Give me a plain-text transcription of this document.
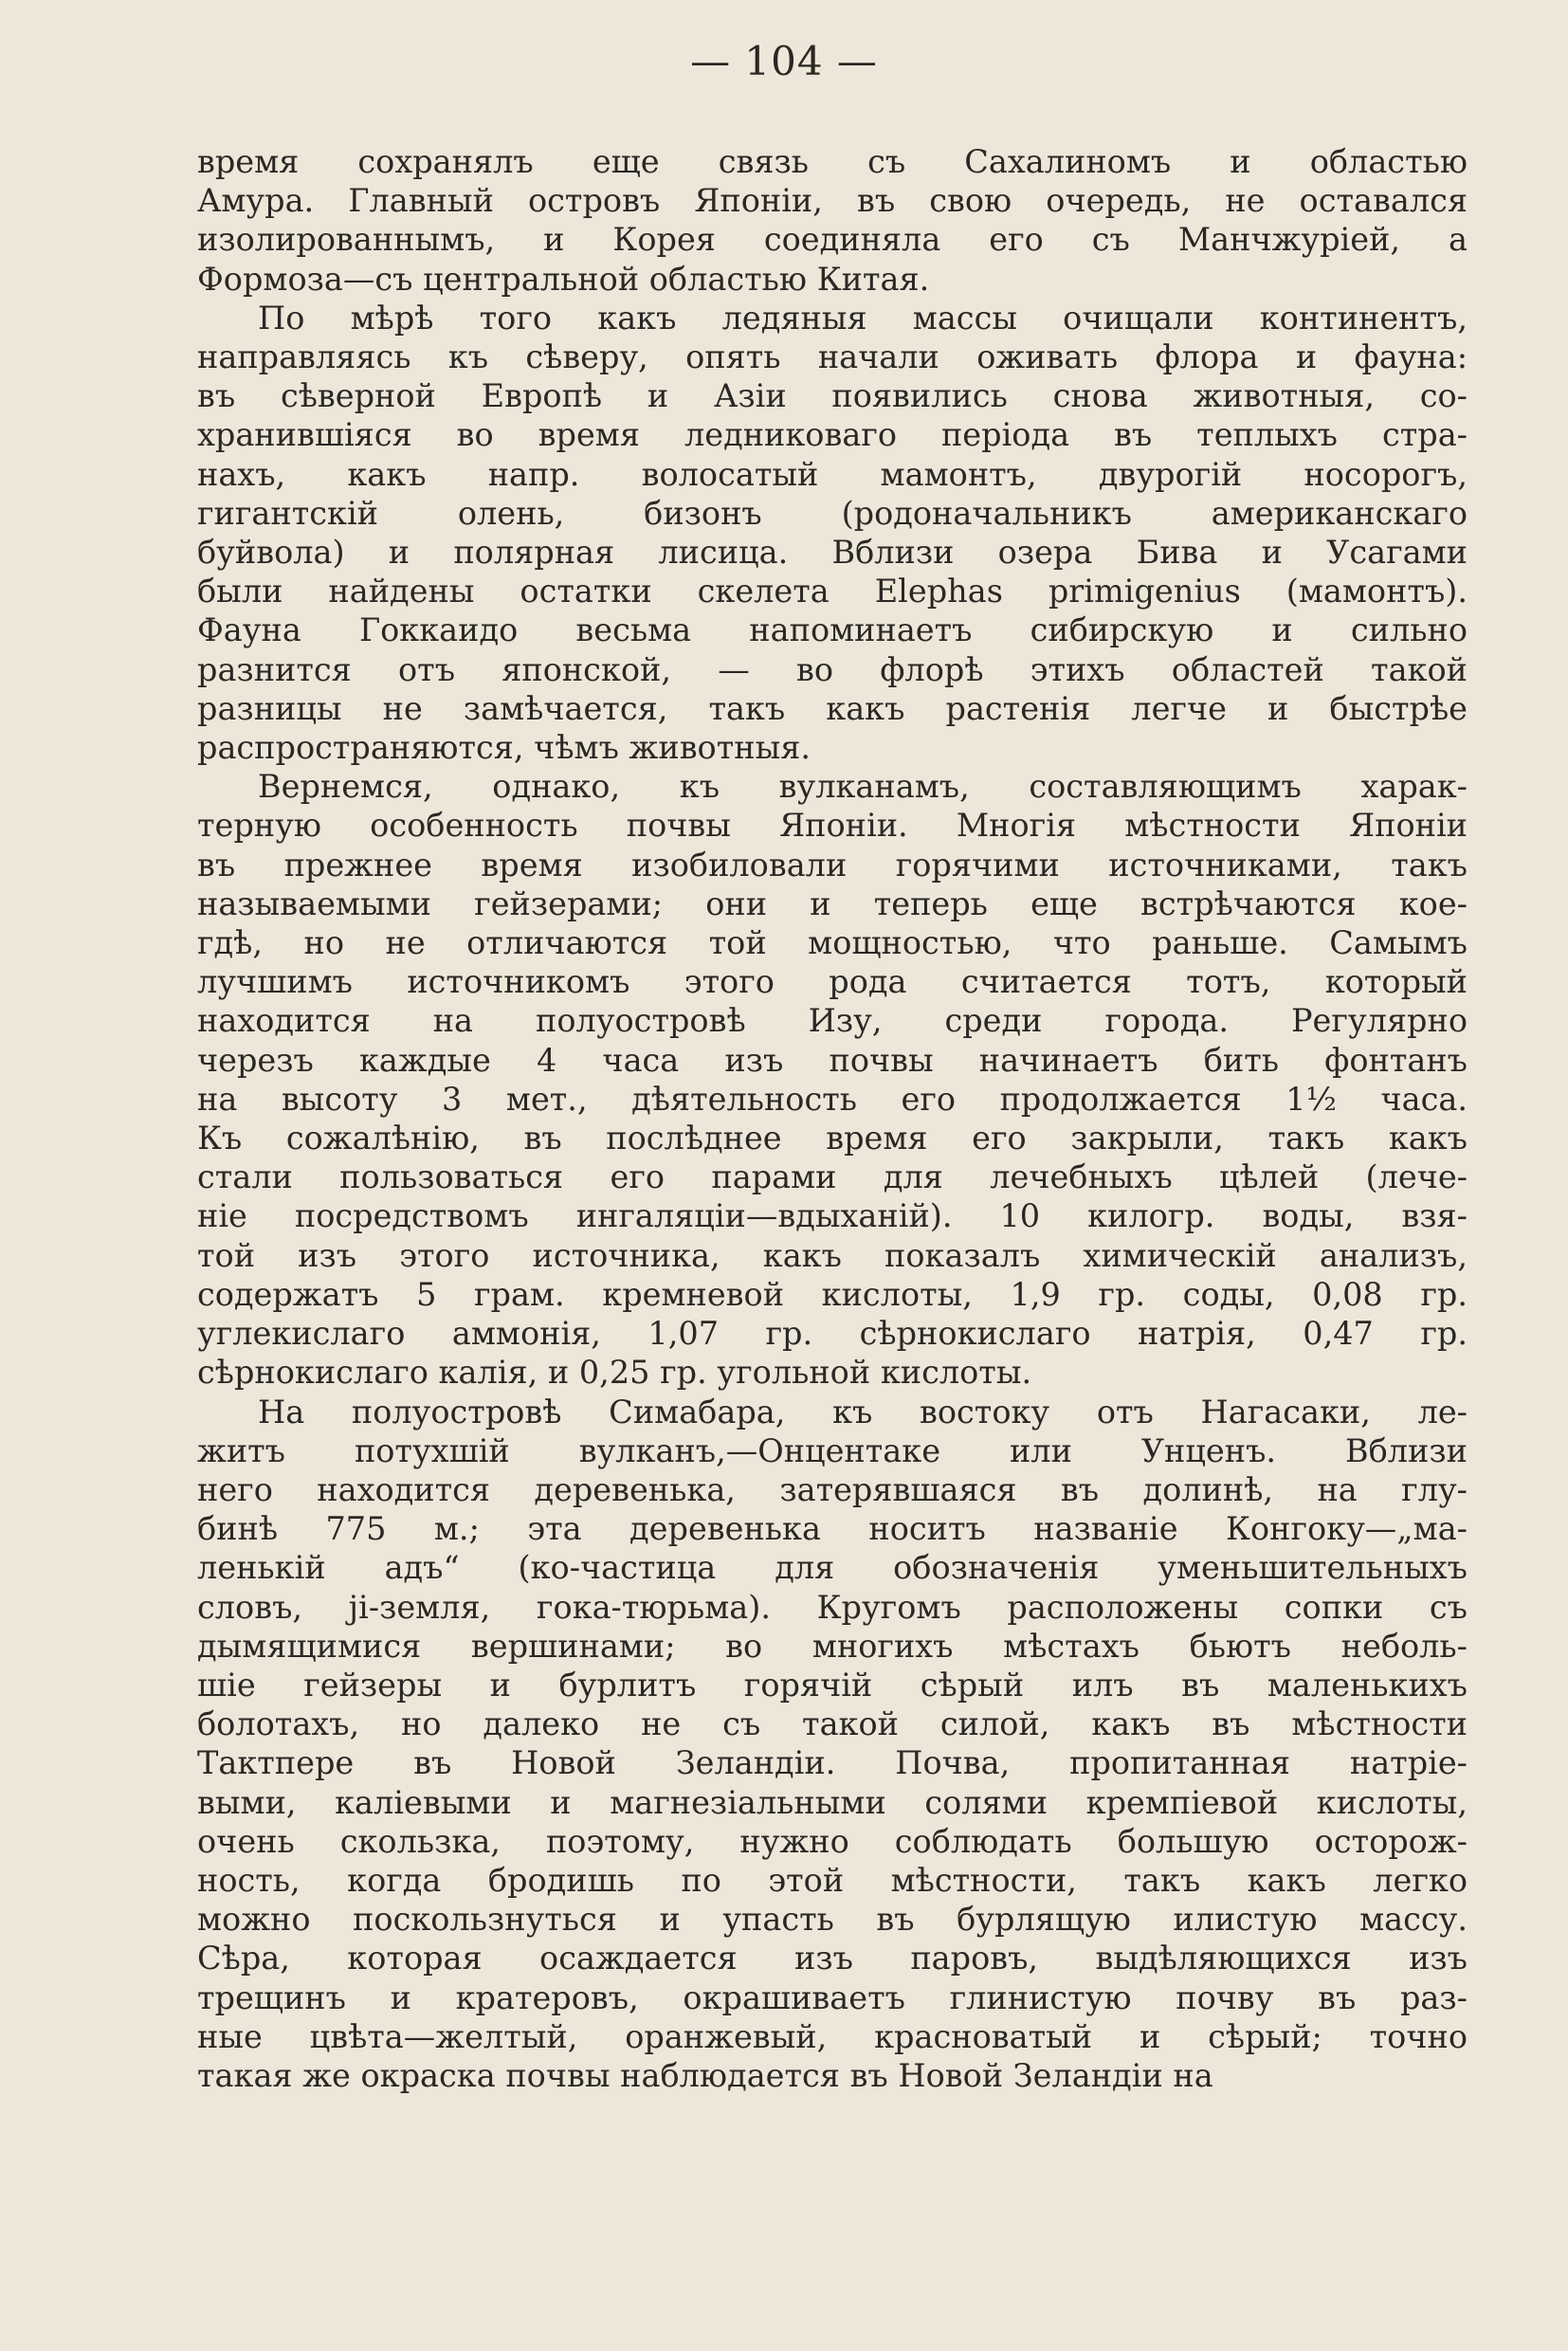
— 104 —
время сохранялъ еще связь съ Сахалиномъ и областью
Амура. Главный островъ Японіи, въ свою очередь, не оставался
изолированнымъ, и Корея соединяла его съ Манчжуріей, а
Формоза—съ центральной областью Китая.
По мѣрѣ того какъ ледяныя массы очищали континентъ,
направляясь къ сѣверу, опять начали оживать флора и фауна:
въ сѣверной Европѣ и Азіи появились снова животныя, со-
хранившіяся во время ледниковаго періода въ теплыхъ стра-
нахъ, какъ напр. волосатый мамонтъ, двурогій носорогъ,
гигантскій олень, бизонъ (родоначальникъ американскаго
буйвола) и полярная лисица. Вблизи озера Бива и Усагами
были найдены остатки скелета Elephas primigenius (мамонтъ).
Фауна Гоккаидо весьма напоминаетъ сибирскую и сильно
разнится отъ японской, — во флорѣ этихъ областей такой
разницы не замѣчается, такъ какъ растенія легче и быстрѣе
распространяются, чѣмъ животныя.
Вернемся, однако, къ вулканамъ, составляющимъ харак-
терную особенность почвы Японіи. Многія мѣстности Японіи
въ прежнее время изобиловали горячими источниками, такъ
называемыми гейзерами; они и теперь еще встрѣчаются кое-
гдѣ, но не отличаются той мощностью, что раньше. Самымъ
лучшимъ источникомъ этого рода считается тотъ, который
находится на полуостровѣ Изу, среди города. Регулярно
черезъ каждые 4 часа изъ почвы начинаетъ бить фонтанъ
на высоту 3 мет., дѣятельность его продолжается 1½ часа.
Къ сожалѣнію, въ послѣднее время его закрыли, такъ какъ
стали пользоваться его парами для лечебныхъ цѣлей (лече-
ніе посредствомъ ингаляціи—вдыханій). 10 килогр. воды, взя-
той изъ этого источника, какъ показалъ химическій анализъ,
содержатъ 5 грам. кремневой кислоты, 1,9 гр. соды, 0,08 гр.
углекислаго аммонія, 1,07 гр. сѣрнокислаго натрія, 0,47 гр.
сѣрнокислаго калія, и 0,25 гр. угольной кислоты.
На полуостровѣ Симабара, къ востоку отъ Нагасаки, ле-
житъ потухшій вулканъ,—Онцентаке или Унценъ. Вблизи
него находится деревенька, затерявшаяся въ долинѣ, на глу-
бинѣ 775 м.; эта деревенька носитъ названіе Конгоку—„ма-
ленькій адъ“ (ко-частица для обозначенія уменьшительныхъ
словъ, jі-земля, гока-тюрьма). Кругомъ расположены сопки съ
дымящимися вершинами; во многихъ мѣстахъ бьютъ неболь-
шіе гейзеры и бурлитъ горячій сѣрый илъ въ маленькихъ
болотахъ, но далеко не съ такой силой, какъ въ мѣстности
Тактпере въ Новой Зеландіи. Почва, пропитанная натріе-
выми, каліевыми и магнезіальными солями кремпіевой кислоты,
очень скользка, поэтому, нужно соблюдать большую осторож-
ность, когда бродишь по этой мѣстности, такъ какъ легко
можно поскользнуться и упасть въ бурлящую илистую массу.
Сѣра, которая осаждается изъ паровъ, выдѣляющихся изъ
трещинъ и кратеровъ, окрашиваетъ глинистую почву въ раз-
ные цвѣта—желтый, оранжевый, красноватый и сѣрый; точно
такая же окраска почвы наблюдается въ Новой Зеландіи на
